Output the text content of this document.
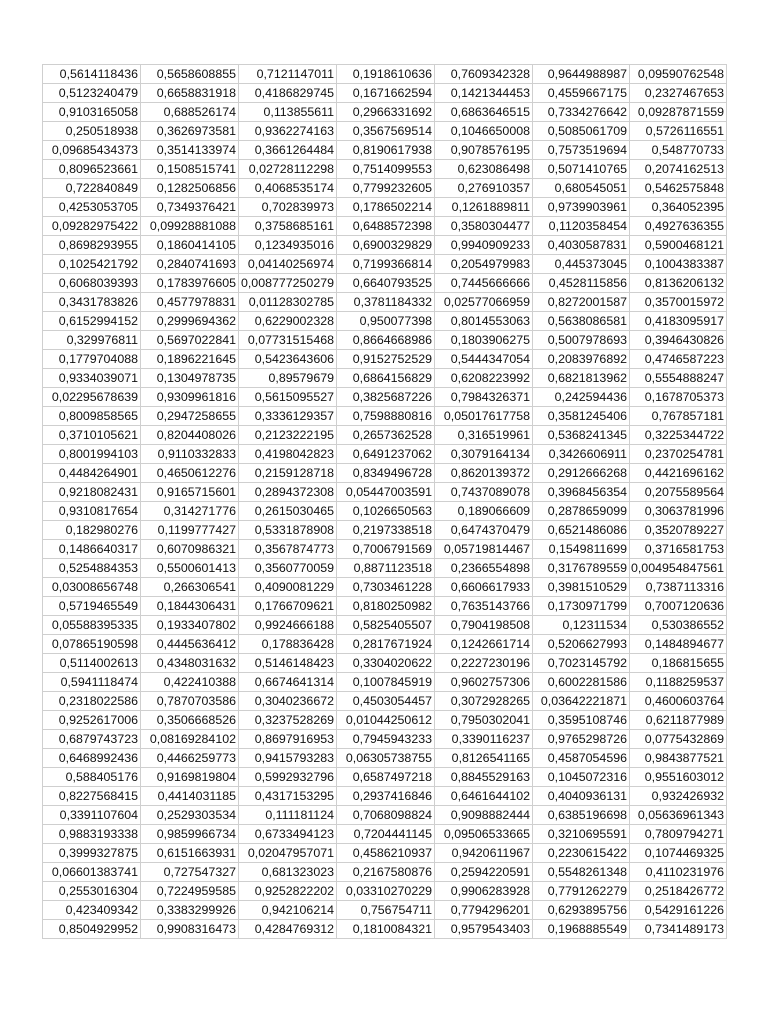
0,5614118436	0,5658608855	0,7121147011	0,1918610636	0,7609342328	0,9644988987	0,09590762548
0,5123240479	0,6658831918	0,4186829745	0,1671662594	0,1421344453	0,4559667175	0,2327467653
0,9103165058	0,688526174	0,113855611	0,2966331692	0,6863646515	0,7334276642	0,09287871559
0,250518938	0,3626973581	0,9362274163	0,3567569514	0,1046650008	0,5085061709	0,5726116551
0,09685434373	0,3514133974	0,3661264484	0,8190617938	0,9078576195	0,7573519694	0,548770733
0,8096523661	0,1508515741	0,02728112298	0,7514099553	0,623086498	0,5071410765	0,2074162513
0,722840849	0,1282506856	0,4068535174	0,7799232605	0,276910357	0,680545051	0,5462575848
0,4253053705	0,7349376421	0,702839973	0,1786502214	0,1261889811	0,9739903961	0,364052395
0,09282975422	0,09928881088	0,3758685161	0,6488572398	0,3580304477	0,1120358454	0,4927636355
0,8698293955	0,1860414105	0,1234935016	0,6900329829	0,9940909233	0,4030587831	0,5900468121
0,1025421792	0,2840741693	0,04140256974	0,7199366814	0,2054979983	0,445373045	0,1004383387
0,6068039393	0,1783976605	0,008777250279	0,6640793525	0,7445666666	0,4528115856	0,8136206132
0,3431783826	0,4577978831	0,01128302785	0,3781184332	0,02577066959	0,8272001587	0,3570015972
0,6152994152	0,2999694362	0,6229002328	0,950077398	0,8014553063	0,5638086581	0,4183095917
0,329976811	0,5697022841	0,07731515468	0,8664668986	0,1803906275	0,5007978693	0,3946430826
0,1779704088	0,1896221645	0,5423643606	0,9152752529	0,5444347054	0,2083976892	0,4746587223
0,9334039071	0,1304978735	0,89579679	0,6864156829	0,6208223992	0,6821813962	0,5554888247
0,02295678639	0,9309961816	0,5615095527	0,3825687226	0,7984326371	0,242594436	0,1678705373
0,8009858565	0,2947258655	0,3336129357	0,7598880816	0,05017617758	0,3581245406	0,767857181
0,3710105621	0,8204408026	0,2123222195	0,2657362528	0,316519961	0,5368241345	0,3225344722
0,8001994103	0,9110332833	0,4198042823	0,6491237062	0,3079164134	0,3426606911	0,2370254781
0,4484264901	0,4650612276	0,2159128718	0,8349496728	0,8620139372	0,2912666268	0,4421696162
0,9218082431	0,9165715601	0,2894372308	0,05447003591	0,7437089078	0,3968456354	0,2075589564
0,9310817654	0,314271776	0,2615030465	0,1026650563	0,189066609	0,2878659099	0,3063781996
0,182980276	0,1199777427	0,5331878908	0,2197338518	0,6474370479	0,6521486086	0,3520789227
0,1486640317	0,6070986321	0,3567874773	0,7006791569	0,05719814467	0,1549811699	0,3716581753
0,5254884353	0,5500601413	0,3560770059	0,8871123518	0,2366554898	0,3176789559	0,004954847561
0,03008656748	0,266306541	0,4090081229	0,7303461228	0,6606617933	0,3981510529	0,7387113316
0,5719465549	0,1844306431	0,1766709621	0,8180250982	0,7635143766	0,1730971799	0,7007120636
0,05588395335	0,1933407802	0,9924666188	0,5825405507	0,7904198508	0,12311534	0,530386552
0,07865190598	0,4445636412	0,178836428	0,2817671924	0,1242661714	0,5206627993	0,1484894677
0,5114002613	0,4348031632	0,5146148423	0,3304020622	0,2227230196	0,7023145792	0,186815655
0,5941118474	0,422410388	0,6674641314	0,1007845919	0,9602757306	0,6002281586	0,1188259537
0,2318022586	0,7870703586	0,3040236672	0,4503054457	0,3072928265	0,03642221871	0,4600603764
0,9252617006	0,3506668526	0,3237528269	0,01044250612	0,7950302041	0,3595108746	0,6211877989
0,6879743723	0,08169284102	0,8697916953	0,7945943233	0,3390116237	0,9765298726	0,0775432869
0,6468992436	0,4466259773	0,9415793283	0,06305738755	0,8126541165	0,4587054596	0,9843877521
0,588405176	0,9169819804	0,5992932796	0,6587497218	0,8845529163	0,1045072316	0,9551603012
0,8227568415	0,4414031185	0,4317153295	0,2937416846	0,6461644102	0,4040936131	0,932426932
0,3391107604	0,2529303534	0,111181124	0,7068098824	0,9098882444	0,6385196698	0,05636961343
0,9883193338	0,9859966734	0,6733494123	0,7204441145	0,09506533665	0,3210695591	0,7809794271
0,3999327875	0,6151663931	0,02047957071	0,4586210937	0,9420611967	0,2230615422	0,1074469325
0,06601383741	0,727547327	0,681323023	0,2167580876	0,2594220591	0,5548261348	0,4110231976
0,2553016304	0,7224959585	0,9252822202	0,03310270229	0,9906283928	0,7791262279	0,2518426772
0,423409342	0,3383299926	0,942106214	0,756754711	0,7794296201	0,6293895756	0,5429161226
0,8504929952	0,9908316473	0,4284769312	0,1810084321	0,9579543403	0,1968885549	0,7341489173
